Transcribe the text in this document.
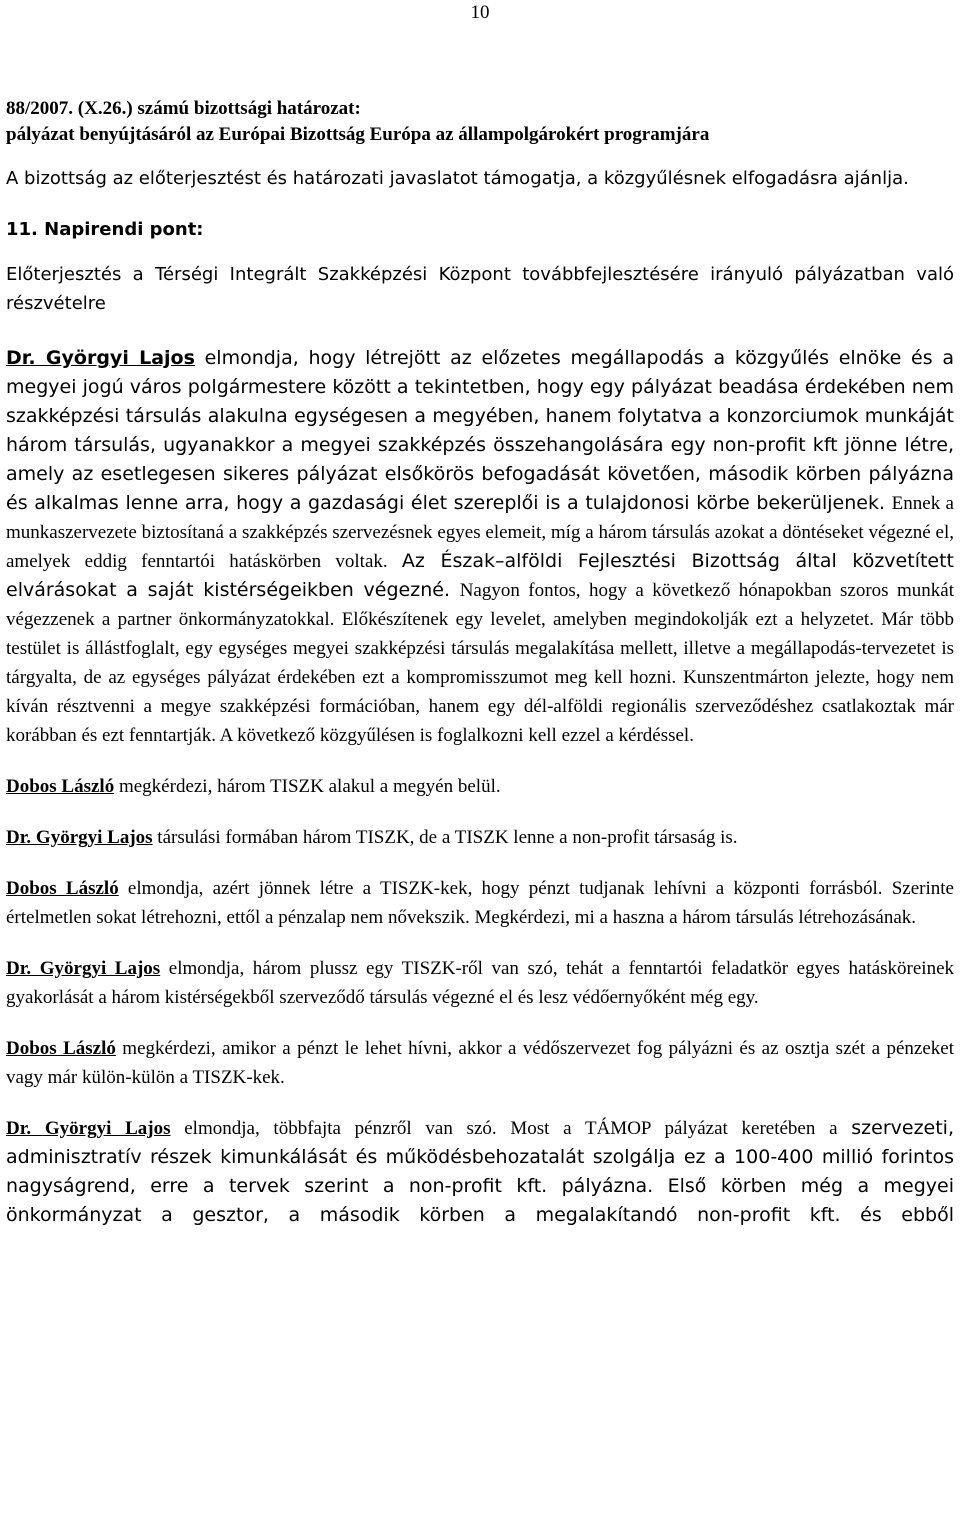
10

88/2007. (X.26.) számú bizottsági határozat:

pályázat benyújtásáról az Európai Bizottság Európa az állampolgárokért programjára

A bizottság az előterjesztést és határozati javaslatot támogatja, a közgyűlésnek elfogadásra ajánlja.

11. Napirendi pont:

Előterjesztés a Térségi Integrált Szakképzési Központ továbbfejlesztésére irányuló pályázatban való részvételre

Dr. Györgyi Lajos elmondja, hogy létrejött az előzetes megállapodás a közgyűlés elnöke és a megyei jogú város polgármestere között a tekintetben, hogy egy pályázat beadása érdekében nem szakképzési társulás alakulna egységesen a megyében, hanem folytatva a konzorciumok munkáját három társulás, ugyanakkor a megyei szakképzés összehangolására egy non-profit kft jönne létre, amely az esetlegesen sikeres pályázat elsőkörös befogadását követően, második körben pályázna és alkalmas lenne arra, hogy a gazdasági élet szereplői is a tulajdonosi körbe bekerüljenek. Ennek a munkaszervezete biztosítaná a szakképzés szervezésnek egyes elemeit, míg a három társulás azokat a döntéseket végezné el, amelyek eddig fenntartói hatáskörben voltak. Az Észak–alföldi Fejlesztési Bizottság által közvetített elvárásokat a saját kistérségeikben végezné. Nagyon fontos, hogy a következő hónapokban szoros munkát végezzenek a partner önkormányzatokkal. Előkészítenek egy levelet, amelyben megindokolják ezt a helyzetet. Már több testület is állástfoglalt, egy egységes megyei szakképzési társulás megalakítása mellett, illetve a megállapodás-tervezetet is tárgyalta, de az egységes pályázat érdekében ezt a kompromisszumot meg kell hozni. Kunszentmárton jelezte, hogy nem kíván résztvenni a megye szakképzési formációban, hanem egy dél-alföldi regionális szerveződéshez csatlakoztak már korábban és ezt fenntartják. A következő közgyűlésen is foglalkozni kell ezzel a kérdéssel.

Dobos László megkérdezi, három TISZK alakul a megyén belül.

Dr. Györgyi Lajos társulási formában három TISZK, de a TISZK lenne a non-profit társaság is.

Dobos László elmondja, azért jönnek létre a TISZK-kek, hogy pénzt tudjanak lehívni a központi forrásból. Szerinte értelmetlen sokat létrehozni, ettől a pénzalap nem nővekszik. Megkérdezi, mi a haszna a három társulás létrehozásának.

Dr. Györgyi Lajos elmondja, három plussz egy TISZK-ről van szó, tehát a fenntartói feladatkör egyes hatásköreinek gyakorlását a három kistérségekből szerveződő társulás végezné el és lesz védőernyőként még egy.

Dobos László megkérdezi, amikor a pénzt le lehet hívni, akkor a védőszervezet fog pályázni és az osztja szét a pénzeket vagy már külön-külön a TISZK-kek.

Dr. Györgyi Lajos elmondja, többfajta pénzről van szó. Most a TÁMOP pályázat keretében a szervezeti, adminisztratív részek kimunkálását és működésbehozatalát szolgálja ez a 100-400 millió forintos nagyságrend, erre a tervek szerint a non-profit kft. pályázna. Első körben még a megyei önkormányzat a gesztor, a második körben a megalakítandó non-profit kft. és ebből
